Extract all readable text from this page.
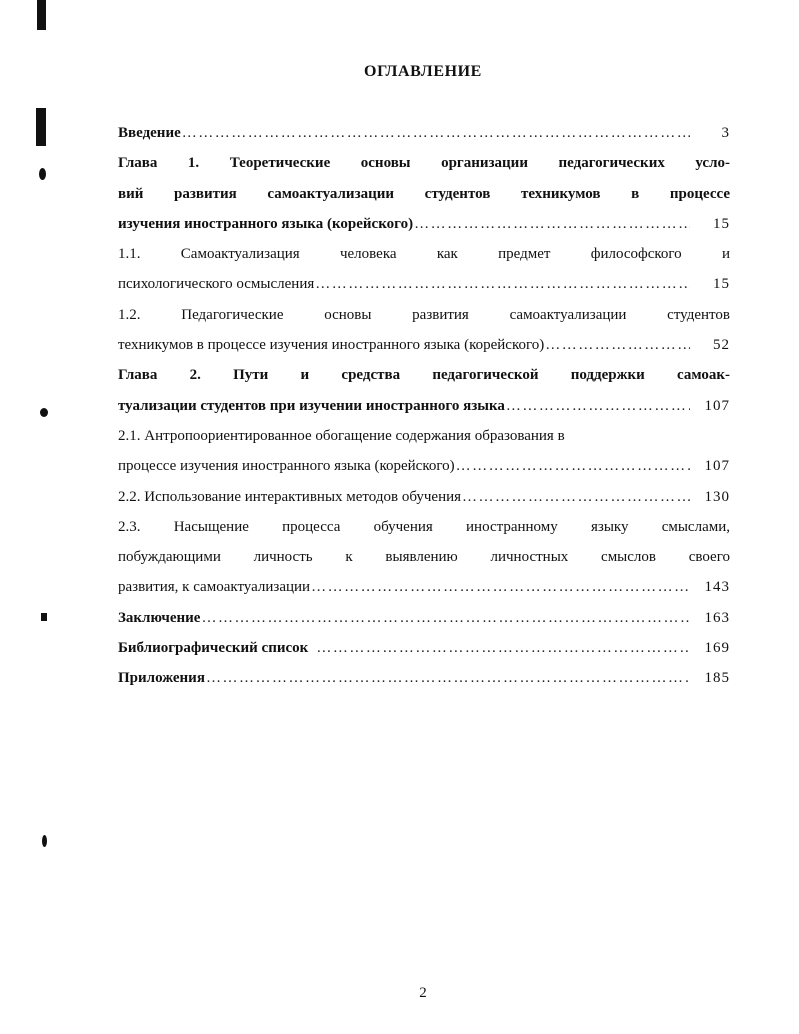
ОГЛАВЛЕНИЕ
Введение ……………………………………………………………………………………………………………………	3
Глава 1. Теоретические основы организации педагогических усло-
вий развития самоактуализации студентов техникумов в процессе
изучения иностранного языка (корейского) ……………………………………………………………………………………………………………………	15
1.1. Самоактуализация человека как предмет философского и
психологического осмысления ……………………………………………………………………………………………………………………	15
1.2. Педагогические основы развития самоактуализации студентов
техникумов в процессе изучения иностранного языка (корейского) ……………………………………………………………………………………………………………………	52
Глава 2. Пути и средства педагогической поддержки самоак-
туализации студентов при изучении иностранного языка ……………………………………………………………………………………………………………………	107
2.1. Антропоориентированное обогащение содержания образования в
процессе изучения иностранного языка (корейского) ……………………………………………………………………………………………………………………	107
2.2. Использование интерактивных методов обучения ……………………………………………………………………………………………………………………	130
2.3. Насыщение процесса обучения иностранному языку смыслами,
побуждающими личность к выявлению личностных смыслов своего
развития, к самоактуализации ……………………………………………………………………………………………………………………	143
Заключение ……………………………………………………………………………………………………………………	163
Библиографический список ……………………………………………………………………………………………………………………	169
Приложения ……………………………………………………………………………………………………………………	185
2
